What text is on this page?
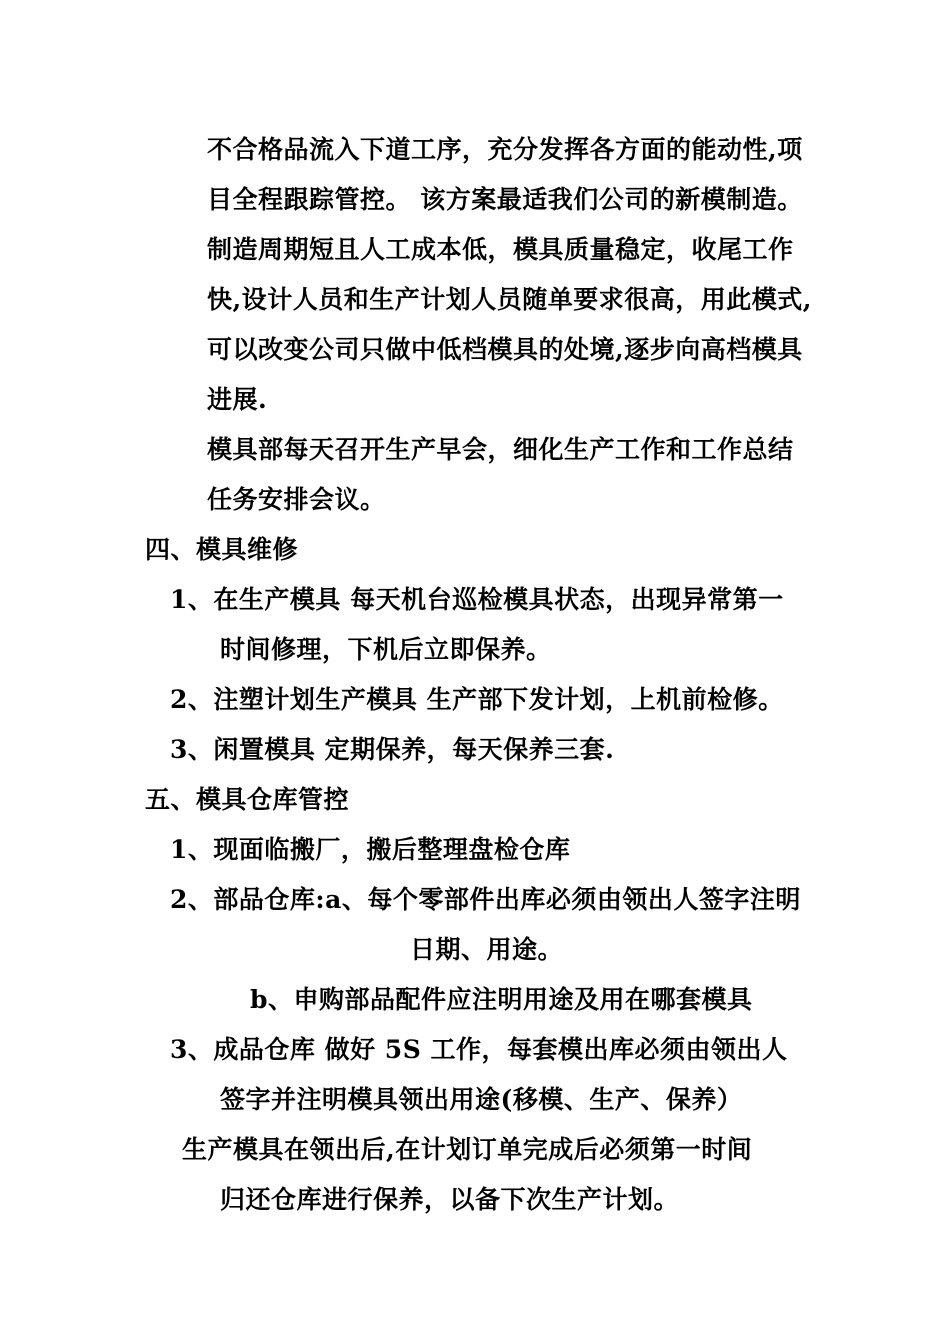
不合格品流入下道工序，充分发挥各方面的能动性,项
目全程跟踪管控。 该方案最适我们公司的新模制造。
制造周期短且人工成本低，模具质量稳定，收尾工作
快,设计人员和生产计划人员随单要求很高，用此模式,
可以改变公司只做中低档模具的处境,逐步向高档模具
进展.
模具部每天召开生产早会，细化生产工作和工作总结
任务安排会议。
四、模具维修
1、在生产模具 每天机台巡检模具状态，出现异常第一
时间修理，下机后立即保养。
2、注塑计划生产模具 生产部下发计划，上机前检修。
3、闲置模具 定期保养，每天保养三套.
五、模具仓库管控
1、现面临搬厂，搬后整理盘检仓库
2、部品仓库:a、每个零部件出库必须由领出人签字注明
日期、用途。
b、申购部品配件应注明用途及用在哪套模具
3、成品仓库 做好 5S 工作，每套模出库必须由领出人
签字并注明模具领出用途(移模、生产、保养）
生产模具在领出后,在计划订单完成后必须第一时间
归还仓库进行保养，以备下次生产计划。
